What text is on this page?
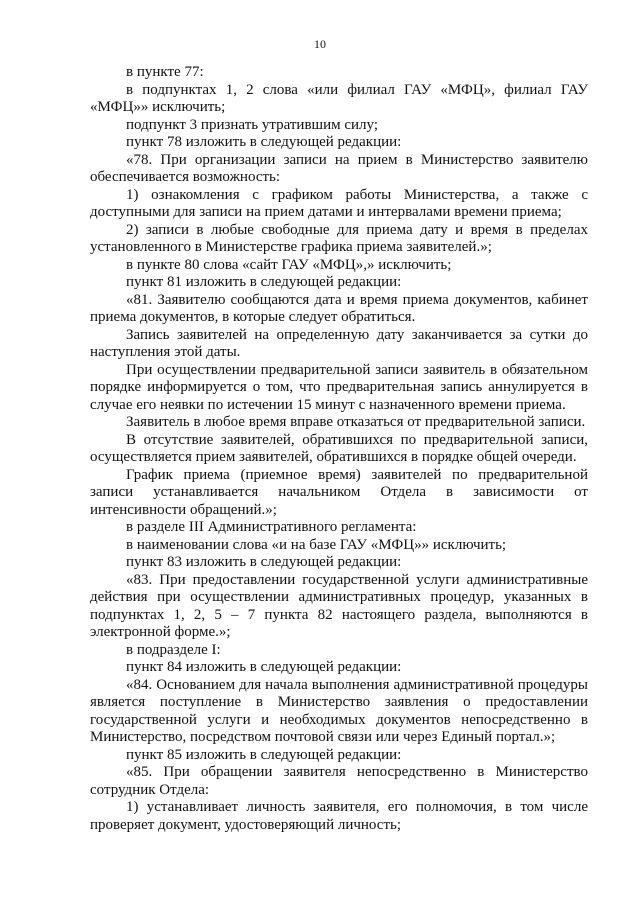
10

в пункте 77:

в подпунктах 1, 2 слова «или филиал ГАУ «МФЦ», филиал ГАУ «МФЦ»» исключить;

подпункт 3 признать утратившим силу;

пункт 78 изложить в следующей редакции:

«78. При организации записи на прием в Министерство заявителю обеспечивается возможность:

1) ознакомления с графиком работы Министерства, а также с доступными для записи на прием датами и интервалами времени приема;

2) записи в любые свободные для приема дату и время в пределах установленного в Министерстве графика приема заявителей.»;

в пункте 80 слова «сайт ГАУ «МФЦ»,» исключить;

пункт 81 изложить в следующей редакции:

«81. Заявителю сообщаются дата и время приема документов, кабинет приема документов, в которые следует обратиться.

Запись заявителей на определенную дату заканчивается за сутки до наступления этой даты.

При осуществлении предварительной записи заявитель в обязательном порядке информируется о том, что предварительная запись аннулируется в случае его неявки по истечении 15 минут с назначенного времени приема.

Заявитель в любое время вправе отказаться от предварительной записи.

В отсутствие заявителей, обратившихся по предварительной записи, осуществляется прием заявителей, обратившихся в порядке общей очереди.

График приема (приемное время) заявителей по предварительной записи устанавливается начальником Отдела в зависимости от интенсивности обращений.»;

в разделе III Административного регламента:

в наименовании слова «и на базе ГАУ «МФЦ»» исключить;

пункт 83 изложить в следующей редакции:

«83. При предоставлении государственной услуги административные действия при осуществлении административных процедур, указанных в подпунктах 1, 2, 5 – 7 пункта 82 настоящего раздела, выполняются в электронной форме.»;

в подразделе I:

пункт 84 изложить в следующей редакции:

«84. Основанием для начала выполнения административной процедуры является поступление в Министерство заявления о предоставлении государственной услуги и необходимых документов непосредственно в Министерство, посредством почтовой связи или через Единый портал.»;

пункт 85 изложить в следующей редакции:

«85. При обращении заявителя непосредственно в Министерство сотрудник Отдела:

1) устанавливает личность заявителя, его полномочия, в том числе проверяет документ, удостоверяющий личность;
